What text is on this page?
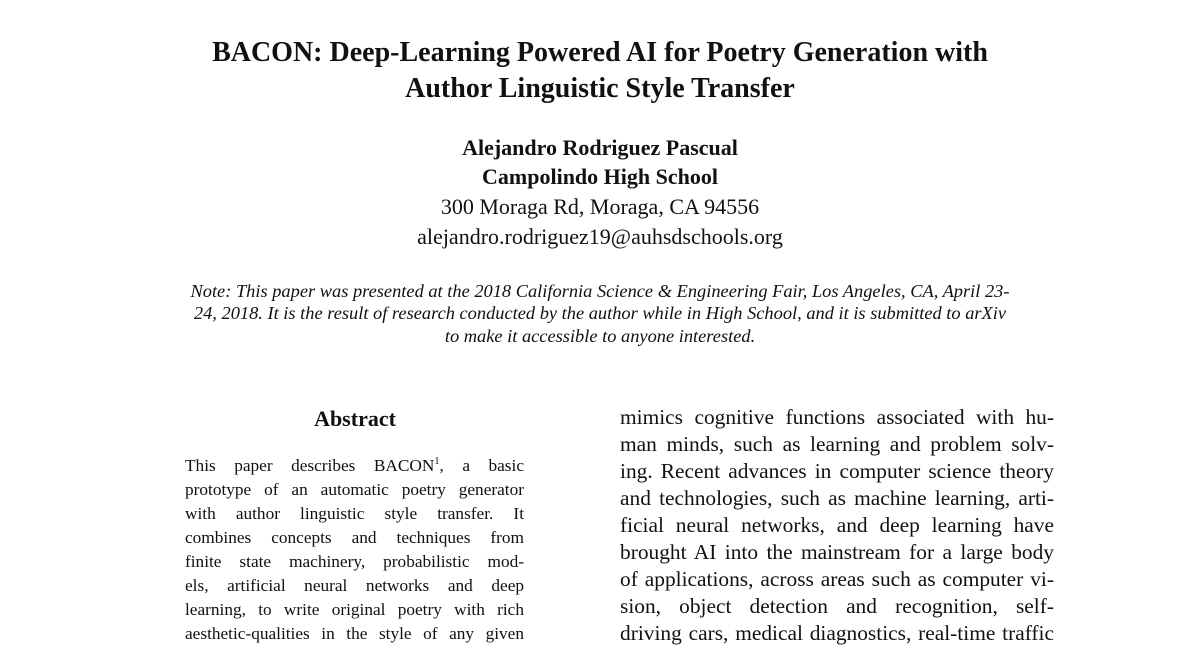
BACON: Deep-Learning Powered AI for Poetry Generation with
Author Linguistic Style Transfer
Alejandro Rodriguez Pascual
Campolindo High School
300 Moraga Rd, Moraga, CA 94556
alejandro.rodriguez19@auhsdschools.org
Note: This paper was presented at the 2018 California Science & Engineering Fair, Los Angeles, CA, April 23-
24, 2018. It is the result of research conducted by the author while in High School, and it is submitted to arXiv
to make it accessible to anyone interested.
Abstract
This paper describes BACON$^1$, a basic
prototype of an automatic poetry generator
with author linguistic style transfer. It
combines concepts and techniques from
finite state machinery, probabilistic mod-
els, artificial neural networks and deep
learning, to write original poetry with rich
aesthetic-qualities in the style of any given
mimics cognitive functions associated with hu-
man minds, such as learning and problem solv-
ing. Recent advances in computer science theory
and technologies, such as machine learning, arti-
ficial neural networks, and deep learning have
brought AI into the mainstream for a large body
of applications, across areas such as computer vi-
sion, object detection and recognition, self-
driving cars, medical diagnostics, real-time traffic
